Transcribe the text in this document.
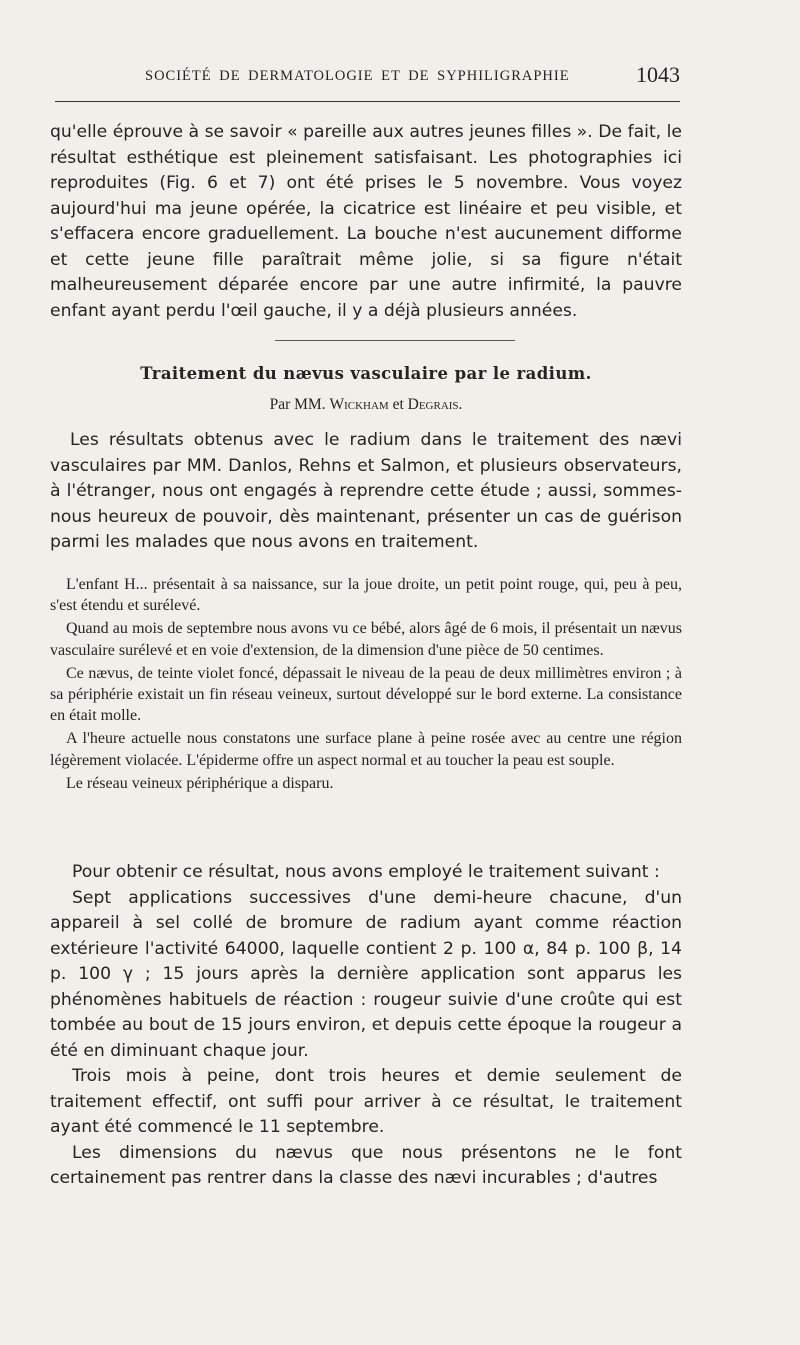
SOCIÉTÉ DE DERMATOLOGIE ET DE SYPHILIGRAPHIE	1043

qu'elle éprouve à se savoir « pareille aux autres jeunes filles ». De fait, le résultat esthétique est pleinement satisfaisant. Les photographies ici reproduites (Fig. 6 et 7) ont été prises le 5 novembre. Vous voyez aujourd'hui ma jeune opérée, la cicatrice est linéaire et peu visible, et s'effacera encore graduellement. La bouche n'est aucunement difforme et cette jeune fille paraîtrait même jolie, si sa figure n'était malheureusement déparée encore par une autre infirmité, la pauvre enfant ayant perdu l'œil gauche, il y a déjà plusieurs années.

Traitement du nævus vasculaire par le radium.
Par MM. Wickham et Degrais.

Les résultats obtenus avec le radium dans le traitement des nævi vasculaires par MM. Danlos, Rehns et Salmon, et plusieurs observateurs, à l'étranger, nous ont engagés à reprendre cette étude ; aussi, sommes-nous heureux de pouvoir, dès maintenant, présenter un cas de guérison parmi les malades que nous avons en traitement.

L'enfant H... présentait à sa naissance, sur la joue droite, un petit point rouge, qui, peu à peu, s'est étendu et surélevé.

Quand au mois de septembre nous avons vu ce bébé, alors âgé de 6 mois, il présentait un nævus vasculaire surélevé et en voie d'extension, de la dimension d'une pièce de 50 centimes.

Ce nævus, de teinte violet foncé, dépassait le niveau de la peau de deux millimètres environ ; à sa périphérie existait un fin réseau veineux, surtout développé sur le bord externe. La consistance en était molle.

A l'heure actuelle nous constatons une surface plane à peine rosée avec au centre une région légèrement violacée. L'épiderme offre un aspect normal et au toucher la peau est souple.

Le réseau veineux périphérique a disparu.

Pour obtenir ce résultat, nous avons employé le traitement suivant :

Sept applications successives d'une demi-heure chacune, d'un appareil à sel collé de bromure de radium ayant comme réaction extérieure l'activité 64000, laquelle contient 2 p. 100 α, 84 p. 100 β, 14 p. 100 γ ; 15 jours après la dernière application sont apparus les phénomènes habituels de réaction : rougeur suivie d'une croûte qui est tombée au bout de 15 jours environ, et depuis cette époque la rougeur a été en diminuant chaque jour.

Trois mois à peine, dont trois heures et demie seulement de traitement effectif, ont suffi pour arriver à ce résultat, le traitement ayant été commencé le 11 septembre.

Les dimensions du nævus que nous présentons ne le font certainement pas rentrer dans la classe des nævi incurables ; d'autres
